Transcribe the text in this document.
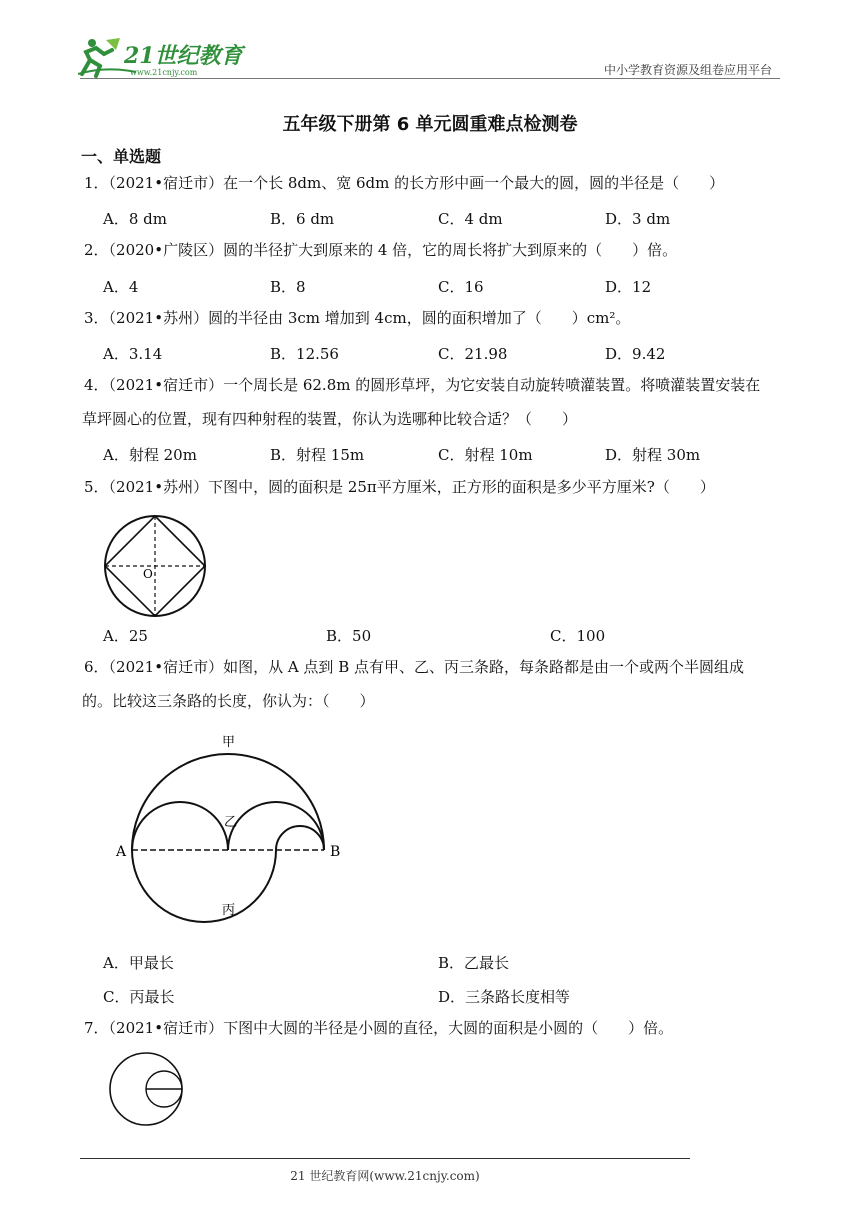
21世纪教育
www.21cnjy.com	中小学教育资源及组卷应用平台
五年级下册第 6 单元圆重难点检测卷
一、单选题
1．（2021•宿迁市）在一个长 8dm、宽 6dm 的长方形中画一个最大的圆，圆的半径是（　　）
A．8 dm	B．6 dm	C．4 dm	D．3 dm
2．（2020•广陵区）圆的半径扩大到原来的 4 倍，它的周长将扩大到原来的（　　）倍。
A．4	B．8	C．16	D．12
3．（2021•苏州）圆的半径由 3cm 增加到 4cm，圆的面积增加了（　　）cm²。
A．3.14	B．12.56	C．21.98	D．9.42
4．（2021•宿迁市）一个周长是 62.8m 的圆形草坪，为它安装自动旋转喷灌装置。将喷灌装置安装在
草坪圆心的位置，现有四种射程的装置，你认为选哪种比较合适？（　　）
A．射程 20m	B．射程 15m	C．射程 10m	D．射程 30m
5．（2021•苏州）下图中，圆的面积是 25π平方厘米，正方形的面积是多少平方厘米?（　　）
O
A．25	B．50	C．100
6．（2021•宿迁市）如图，从 A 点到 B 点有甲、乙、丙三条路，每条路都是由一个或两个半圆组成
的。比较这三条路的长度，你认为：（　　）
甲
乙
丙
A	B
A．甲最长	B．乙最长
C．丙最长	D．三条路长度相等
7．（2021•宿迁市）下图中大圆的半径是小圆的直径，大圆的面积是小圆的（　　）倍。
21 世纪教育网(www.21cnjy.com)
